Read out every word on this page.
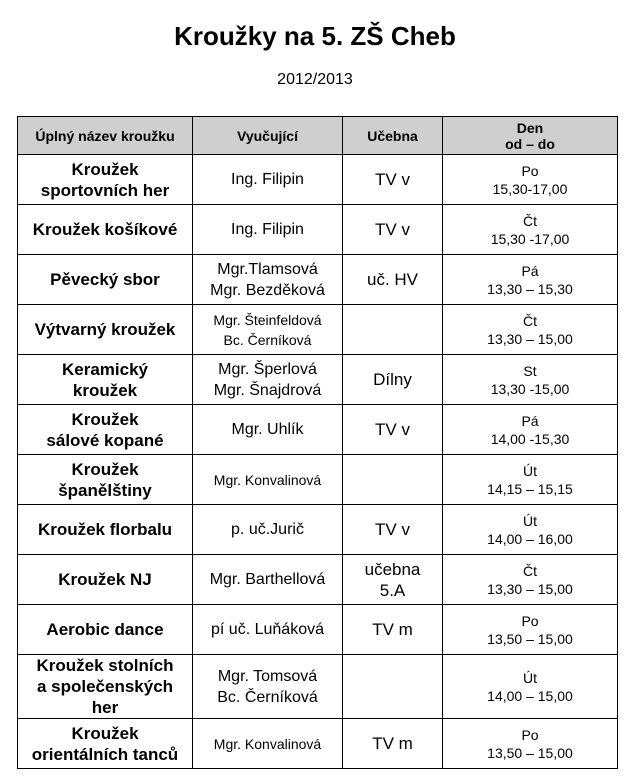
Kroužky na 5. ZŠ Cheb
2012/2013
Úplný název kroužku	Vyučující	Učebna	Den
od – do

Kroužek
sportovních her	Ing. Filipin	TV v	Po
15,30-17,00

Kroužek košíkové	Ing. Filipin	TV v	Čt
15,30 -17,00

Pěvecký sbor	Mgr.Tlamsová
Mgr. Bezděková	uč. HV	Pá
13,30 – 15,30

Výtvarný kroužek	Mgr. Šteinfeldová
Bc. Černíková		Čt
13,30 – 15,00

Keramický
kroužek	Mgr. Šperlová
Mgr. Šnajdrová	Dílny	St
13,30 -15,00

Kroužek
sálové kopané	Mgr. Uhlík	TV v	Pá
14,00 -15,30

Kroužek
španělštiny	Mgr. Konvalinová		Út
14,15 – 15,15

Kroužek florbalu	p. uč.Jurič	TV v	Út
14,00 – 16,00

Kroužek NJ	Mgr. Barthellová	učebna
5.A	Čt
13,30 – 15,00

Aerobic dance	pí uč. Luňáková	TV m	Po
13,50 – 15,00

Kroužek stolních
a společenských
her	Mgr. Tomsová
Bc. Černíková		Út
14,00 – 15,00

Kroužek
orientálních tanců	Mgr. Konvalinová	TV m	Po
13,50 – 15,00
